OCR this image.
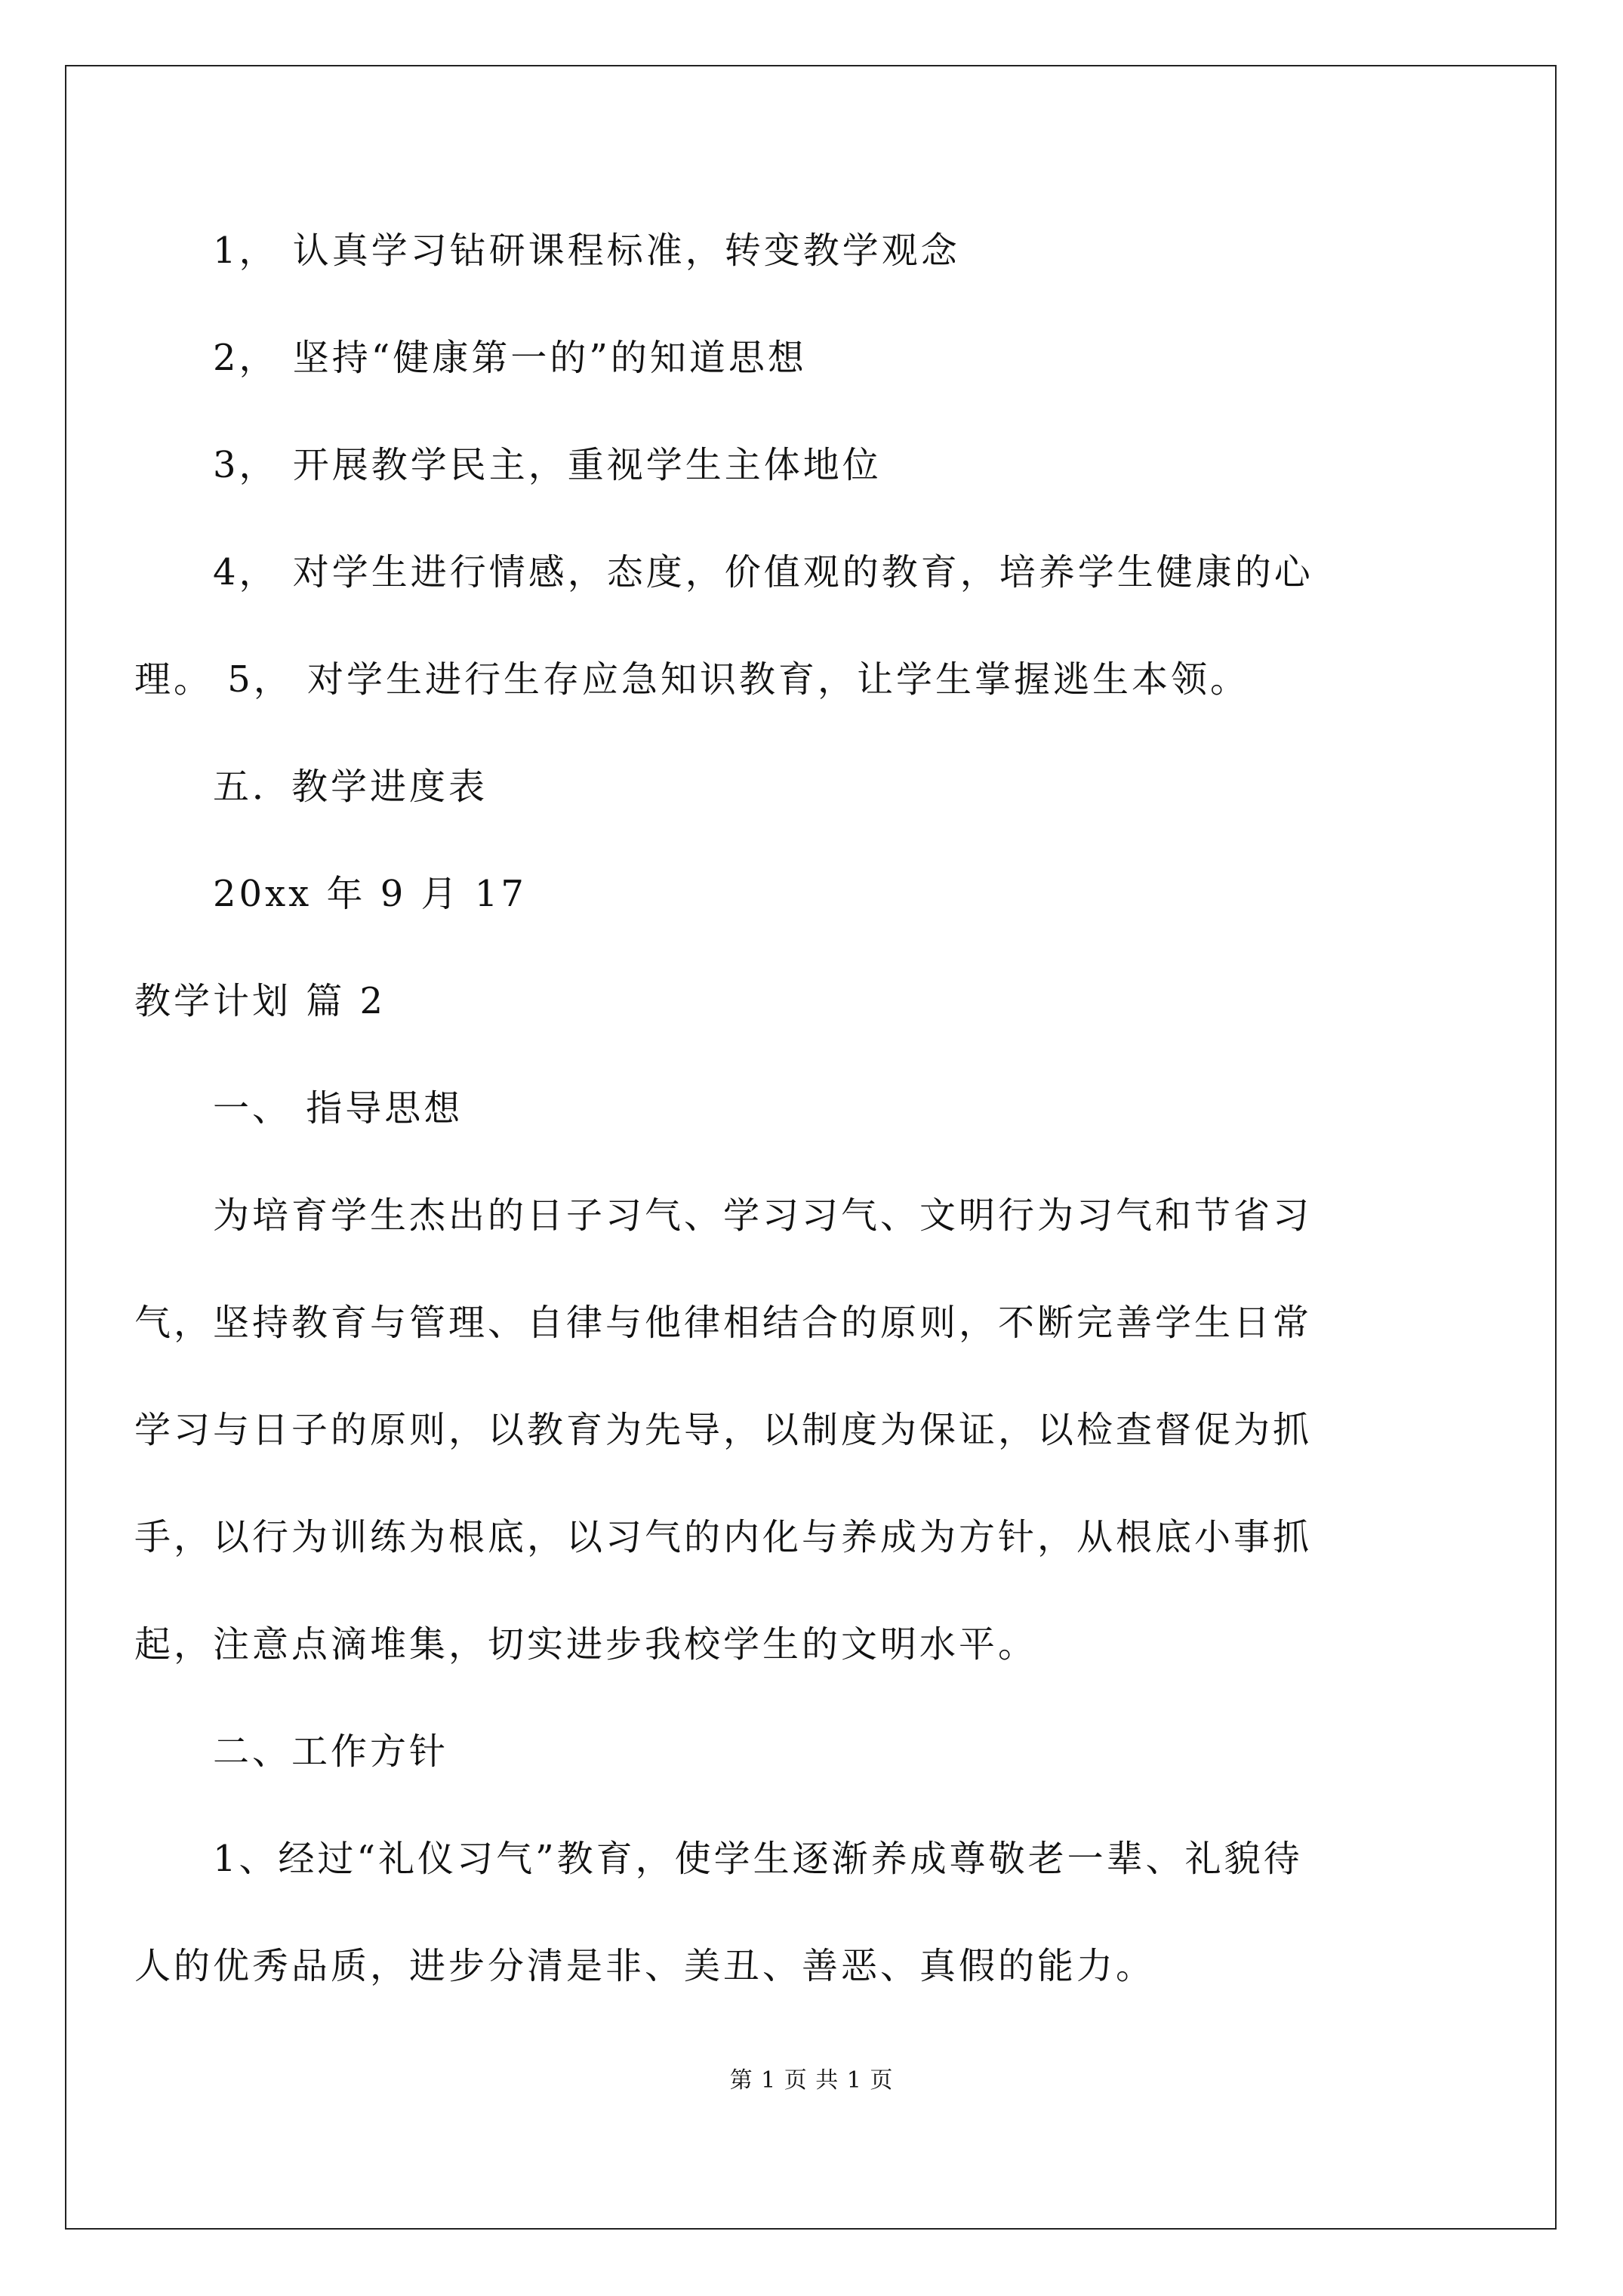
1， 认真学习钻研课程标准，转变教学观念
2， 坚持“健康第一的”的知道思想
3， 开展教学民主，重视学生主体地位
4， 对学生进行情感，态度，价值观的教育，培养学生健康的心
理。 5， 对学生进行生存应急知识教育，让学生掌握逃生本领。
五．教学进度表
20xx 年 9 月 17
教学计划 篇 2
一、 指导思想
为培育学生杰出的日子习气、学习习气、文明行为习气和节省习
气，坚持教育与管理、自律与他律相结合的原则，不断完善学生日常
学习与日子的原则，以教育为先导，以制度为保证，以检查督促为抓
手，以行为训练为根底，以习气的内化与养成为方针，从根底小事抓
起，注意点滴堆集，切实进步我校学生的文明水平。
二、工作方针
1、经过“礼仪习气”教育，使学生逐渐养成尊敬老一辈、礼貌待
人的优秀品质，进步分清是非、美丑、善恶、真假的能力。
第 1 页 共 1 页
